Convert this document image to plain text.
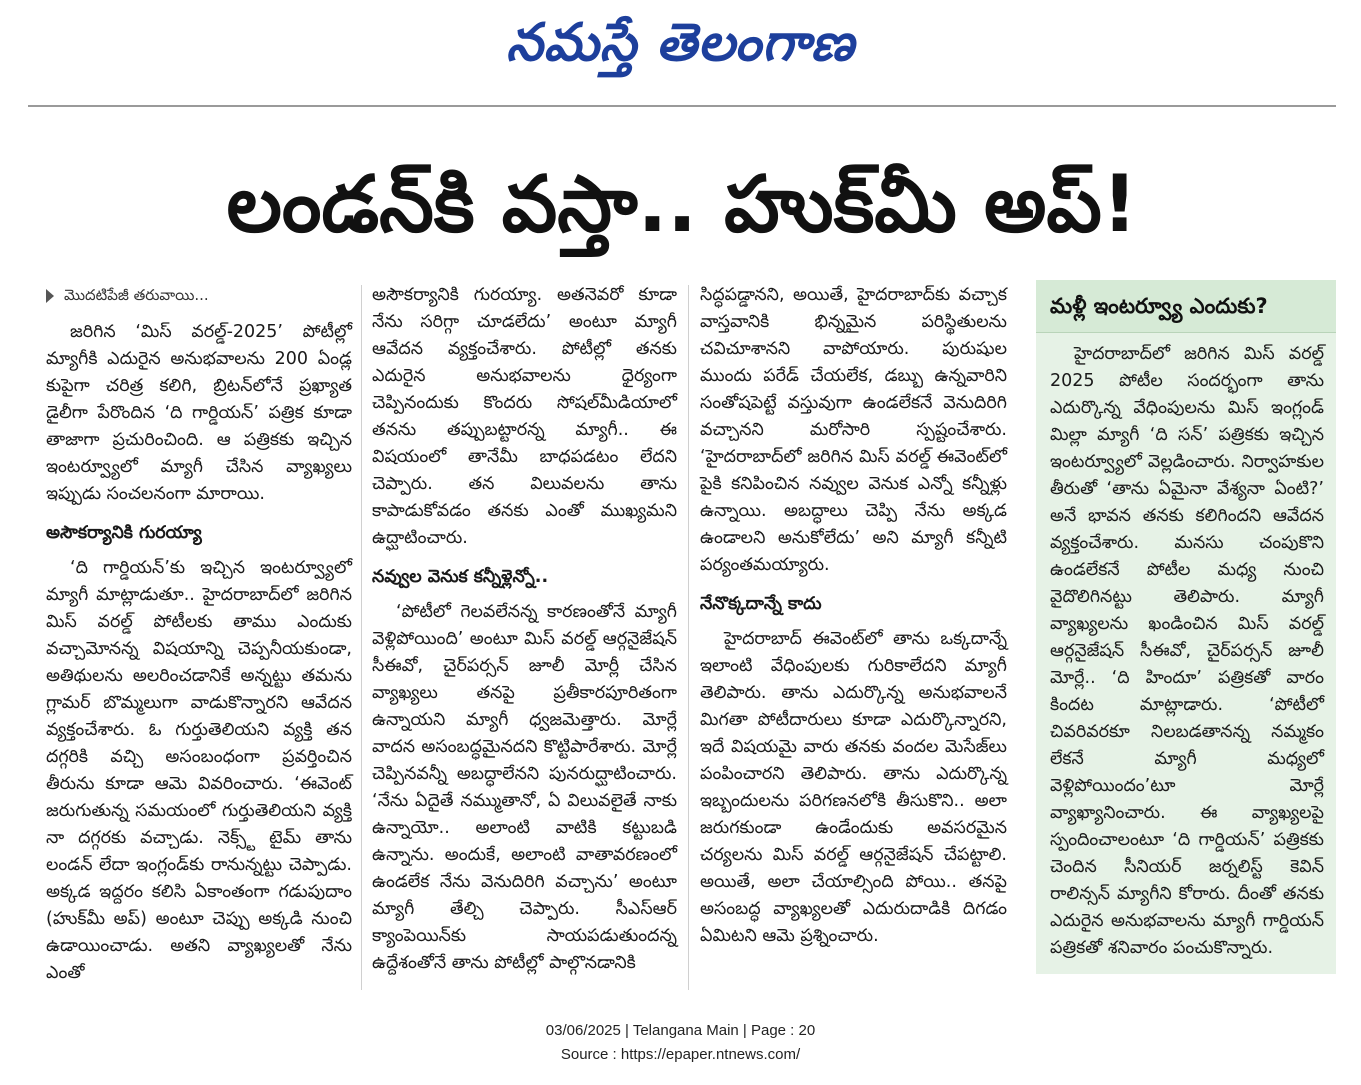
నమస్తే తెలంగాణ
లండన్‌కి వస్తా.. హుక్‌మీ అప్!
మొదటిపేజీ తరువాయి...

జరిగిన ‘మిస్ వరల్డ్-2025’ పోటీల్లో మ్యాగీకి ఎదురైన అనుభవాలను 200 ఏండ్ల కుపైగా చరిత్ర కలిగి, బ్రిటన్‌లోనే ప్రఖ్యాత డైలీగా పేరొందిన ‘ది గార్డియన్’ పత్రిక కూడా తాజాగా ప్రచురించింది. ఆ పత్రికకు ఇచ్చిన ఇంటర్వ్యూలో మ్యాగీ చేసిన వ్యాఖ్యలు ఇప్పుడు సంచలనంగా మారాయి.

అసౌకర్యానికి గురయ్యా

‘ది గార్డియన్’కు ఇచ్చిన ఇంటర్వ్యూలో మ్యాగీ మాట్లాడుతూ.. హైదరాబాద్‌లో జరిగిన మిస్ వరల్డ్ పోటీలకు తాము ఎందుకు వచ్చామోనన్న విషయాన్ని చెప్పనీయకుండా, అతిథులను అలరించడానికే అన్నట్టు తమను గ్లామర్ బొమ్మలుగా వాడుకొన్నారని ఆవేదన వ్యక్తంచేశారు. ఓ గుర్తుతెలియని వ్యక్తి తన దగ్గరికి వచ్చి అసంబంధంగా ప్రవర్తించిన తీరును కూడా ఆమె వివరించారు. ‘ఈవెంట్ జరుగుతున్న సమయంలో గుర్తుతెలియని వ్యక్తి నా దగ్గరకు వచ్చాడు. నెక్స్ట్ టైమ్ తాను లండన్ లేదా ఇంగ్లండ్‌కు రానున్నట్టు చెప్పాడు. అక్కడ ఇద్దరం కలిసి ఏకాంతంగా గడుపుదాం (హుక్‌మీ అప్) అంటూ చెప్పు అక్కడి నుంచి ఉడాయించాడు. అతని వ్యాఖ్యలతో నేను ఎంతో

అసౌకర్యానికి గురయ్యా. అతనెవరో కూడా నేను సరిగ్గా చూడలేదు’ అంటూ మ్యాగీ ఆవేదన వ్యక్తంచేశారు. పోటీల్లో తనకు ఎదురైన అనుభవాలను ధైర్యంగా చెప్పినందుకు కొందరు సోషల్‌మీడియాలో తనను తప్పుబట్టారన్న మ్యాగీ.. ఈ విషయంలో తానేమీ బాధపడటం లేదని చెప్పారు. తన విలువలను తాను కాపాడుకోవడం తనకు ఎంతో ముఖ్యమని ఉద్ఘాటించారు.

నవ్వుల వెనుక కన్నీళ్లెన్నో..

‘పోటీలో గెలవలేనన్న కారణంతోనే మ్యాగీ వెళ్లిపోయింది’ అంటూ మిస్ వరల్డ్ ఆర్గనైజేషన్ సీఈవో, చైర్‌పర్సన్ జూలీ మోర్లీ చేసిన వ్యాఖ్యలు తనపై ప్రతీకారపూరితంగా ఉన్నాయని మ్యాగీ ధ్వజమెత్తారు. మోర్లే వాదన అసంబద్ధమైనదని కొట్టిపారేశారు. మోర్లే చెప్పినవన్నీ అబద్ధాలేనని పునరుద్ఘాటించారు. ‘నేను ఏదైతే నమ్ముతానో, ఏ విలువలైతే నాకు ఉన్నాయో.. అలాంటి వాటికి కట్టుబడి ఉన్నాను. అందుకే, అలాంటి వాతావరణంలో ఉండలేక నేను వెనుదిరిగి వచ్చాను’ అంటూ మ్యాగీ తేల్చి చెప్పారు. సీఎస్ఆర్ క్యాంపెయిన్‌కు సాయపడుతుందన్న ఉద్దేశంతోనే తాను పోటీల్లో పాల్గొనడానికి

సిద్ధపడ్డానని, అయితే, హైదరాబాద్‌కు వచ్చాక వాస్తవానికి భిన్నమైన పరిస్థితులను చవిచూశానని వాపోయారు. పురుషుల ముందు పరేడ్ చేయలేక, డబ్బు ఉన్నవారిని సంతోషపెట్టే వస్తువుగా ఉండలేకనే వెనుదిరిగి వచ్చానని మరోసారి స్పష్టంచేశారు. ‘హైదరాబాద్‌లో జరిగిన మిస్ వరల్డ్ ఈవెంట్‌లో పైకి కనిపించిన నవ్వుల వెనుక ఎన్నో కన్నీళ్లు ఉన్నాయి. అబద్ధాలు చెప్పి నేను అక్కడ ఉండాలని అనుకోలేదు’ అని మ్యాగీ కన్నీటి పర్యంతమయ్యారు.

నేనొక్కదాన్నే కాదు

హైదరాబాద్ ఈవెంట్‌లో తాను ఒక్కదాన్నే ఇలాంటి వేధింపులకు గురికాలేదని మ్యాగీ తెలిపారు. తాను ఎదుర్కొన్న అనుభవాలనే మిగతా పోటీదారులు కూడా ఎదుర్కొన్నారని, ఇదే విషయమై వారు తనకు వందల మెసేజ్‌లు పంపించారని తెలిపారు. తాను ఎదుర్కొన్న ఇబ్బందులను పరిగణనలోకి తీసుకొని.. అలా జరుగకుండా ఉండేందుకు అవసరమైన చర్యలను మిస్ వరల్డ్ ఆర్గనైజేషన్ చేపట్టాలి. అయితే, అలా చేయాల్సింది పోయి.. తనపై అసంబద్ధ వ్యాఖ్యలతో ఎదురుదాడికి దిగడం ఏమిటని ఆమె ప్రశ్నించారు.

మళ్లీ ఇంటర్వ్యూ ఎందుకు?

హైదరాబాద్‌లో జరిగిన మిస్ వరల్డ్ 2025 పోటీల సందర్భంగా తాను ఎదుర్కొన్న వేధింపులను మిస్ ఇంగ్లండ్ మిల్లా మ్యాగీ ‘ది సన్’ పత్రికకు ఇచ్చిన ఇంటర్వ్యూలో వెల్లడించారు. నిర్వాహకుల తీరుతో ‘తాను ఏమైనా వేశ్యనా ఏంటి?’ అనే భావన తనకు కలిగిందని ఆవేదన వ్యక్తంచేశారు. మనసు చంపుకొని ఉండలేకనే పోటీల మధ్య నుంచి వైదొలిగినట్టు తెలిపారు. మ్యాగీ వ్యాఖ్యలను ఖండించిన మిస్ వరల్డ్ ఆర్గనైజేషన్ సీఈవో, చైర్‌పర్సన్ జూలీ మోర్లే.. ‘ది హిందూ’ పత్రికతో వారం కిందట మాట్లాడారు. ‘పోటీలో చివరివరకూ నిలబడతానన్న నమ్మకం లేకనే మ్యాగీ మధ్యలో వెళ్లిపోయిందం’టూ మోర్లే వ్యాఖ్యానించారు. ఈ వ్యాఖ్యలపై స్పందించాలంటూ ‘ది గార్డియన్’ పత్రికకు చెందిన సీనియర్ జర్నలిస్ట్ కెవిన్ రాలిన్సన్ మ్యాగీని కోరారు. దీంతో తనకు ఎదురైన అనుభవాలను మ్యాగీ గార్డియన్ పత్రికతో శనివారం పంచుకొన్నారు.

03/06/2025 | Telangana Main | Page : 20
Source : https://epaper.ntnews.com/
